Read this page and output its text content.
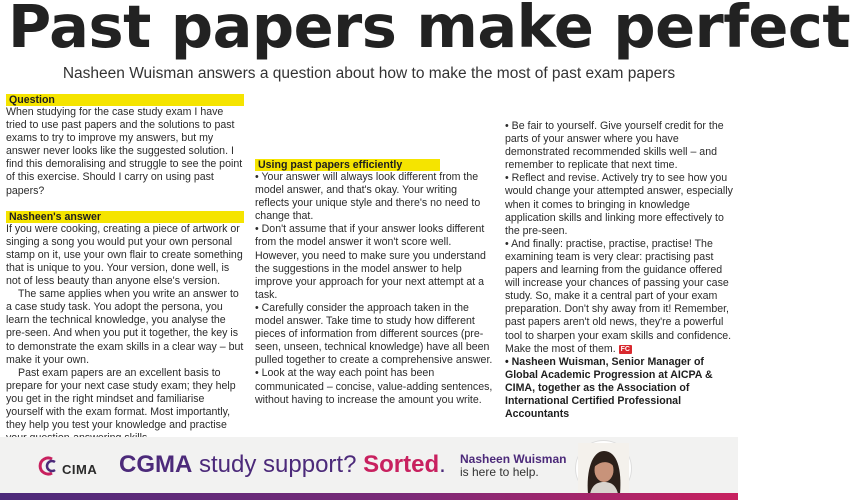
Past papers make perfect
Nasheen Wuisman answers a question about how to make the most of past exam papers
Question

When studying for the case study exam I have tried to use past papers and the solutions to past exams to try to improve my answers, but my answer never looks like the suggested solution. I find this demoralising and struggle to see the point of this exercise. Should I carry on using past papers?

Nasheen's answer

If you were cooking, creating a piece of artwork or singing a song you would put your own personal stamp on it, use your own flair to create something that is unique to you. Your version, done well, is not of less beauty than anyone else's version.

The same applies when you write an answer to a case study task. You adopt the persona, you learn the technical knowledge, you analyse the pre-seen. And when you put it together, the key is to demonstrate the exam skills in a clear way – but make it your own.

Past exam papers are an excellent basis to prepare for your next case study exam; they help you get in the right mindset and familiarise yourself with the exam format. Most importantly, they help you test your knowledge and practise

Using past papers efficiently

• Your answer will always look different from the model answer, and that's okay. Your writing reflects your unique style and there's no need to change that.

• Don't assume that if your answer looks different from the model answer it won't score well. However, you need to make sure you understand the suggestions in the model answer to help improve your approach for your next attempt at a task.

• Carefully consider the approach taken in the model answer. Take time to study how different pieces of information from different sources (pre-seen, unseen, technical knowledge) have all been pulled together to create a comprehensive answer.

• Look at the way each point has been communicated – concise, value-adding sentences, without having to increase the amount you write.

• Be fair to yourself. Give yourself credit for the parts of your answer where you have demonstrated recommended skills well – and remember to replicate that next time.

• Reflect and revise. Actively try to see how you would change your attempted answer, especially when it comes to bringing in knowledge application skills and linking more effectively to the pre-seen.

• And finally: practise, practise, practise! The examining team is very clear: practising past papers and learning from the guidance offered will increase your chances of passing your case study. So, make it a central part of your exam preparation. Don't shy away from it! Remember, past papers aren't old news, they're a powerful tool to sharpen your exam skills and confidence. Make the most of them. FC

• Nasheen Wuisman, Senior Manager of Global Academic Progression at AICPA & CIMA, together as the Association of International Certified Professional Accountants

CIMA CGMA study support? Sorted. Nasheen Wuisman
is here to help.
